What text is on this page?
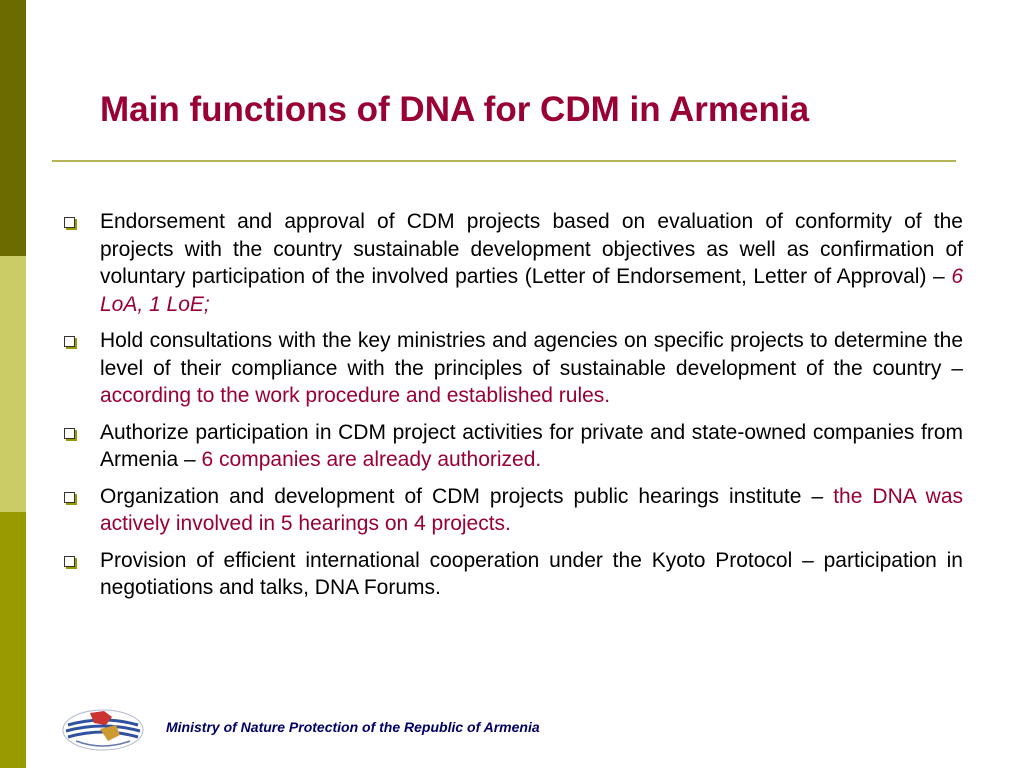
Main functions of DNA for CDM in Armenia
Endorsement and approval of CDM projects based on evaluation of conformity of the projects with the country sustainable development objectives as well as confirmation of voluntary participation of the involved parties (Letter of Endorsement, Letter of Approval) – 6 LoA, 1 LoE;
Hold consultations with the key ministries and agencies on specific projects to determine the level of their compliance with the principles of sustainable development of the country – according to the work procedure and established rules.
Authorize participation in CDM project activities for private and state-owned companies from Armenia – 6 companies are already authorized.
Organization and development of CDM projects public hearings institute – the DNA was actively involved in 5 hearings on 4 projects.
Provision of efficient international cooperation under the Kyoto Protocol – participation in negotiations and talks, DNA Forums.
Ministry of Nature Protection of the Republic of Armenia
